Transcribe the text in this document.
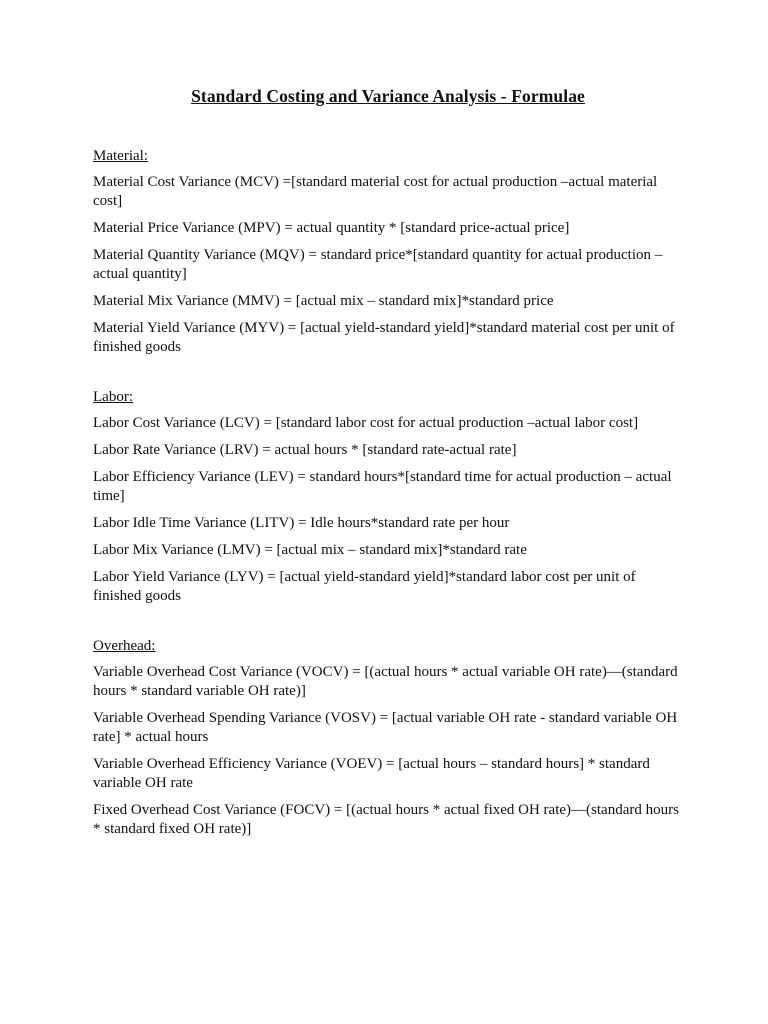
Standard Costing and Variance Analysis - Formulae
Material:
Material Cost Variance (MCV) =[standard material cost for actual production –actual material cost]
Material Price Variance (MPV) = actual quantity * [standard price-actual price]
Material Quantity Variance (MQV) = standard price*[standard quantity for actual production – actual quantity]
Material Mix Variance (MMV) = [actual mix – standard mix]*standard price
Material Yield Variance (MYV) = [actual yield-standard yield]*standard material cost per unit of finished goods
Labor:
Labor Cost Variance (LCV) = [standard labor cost for actual production –actual labor cost]
Labor Rate Variance (LRV) = actual hours * [standard rate-actual rate]
Labor Efficiency Variance (LEV) = standard hours*[standard time for actual production – actual time]
Labor Idle Time Variance (LITV) = Idle hours*standard rate per hour
Labor Mix Variance (LMV) = [actual mix – standard mix]*standard rate
Labor Yield Variance (LYV) = [actual yield-standard yield]*standard labor cost per unit of finished goods
Overhead:
Variable Overhead Cost Variance (VOCV) = [(actual hours * actual variable OH rate)—(standard hours * standard variable OH rate)]
Variable Overhead Spending Variance (VOSV) = [actual variable OH rate - standard variable OH rate] * actual hours
Variable Overhead Efficiency Variance (VOEV) = [actual hours – standard hours] * standard variable OH rate
Fixed Overhead Cost Variance (FOCV) = [(actual hours * actual fixed OH rate)—(standard hours * standard fixed OH rate)]
